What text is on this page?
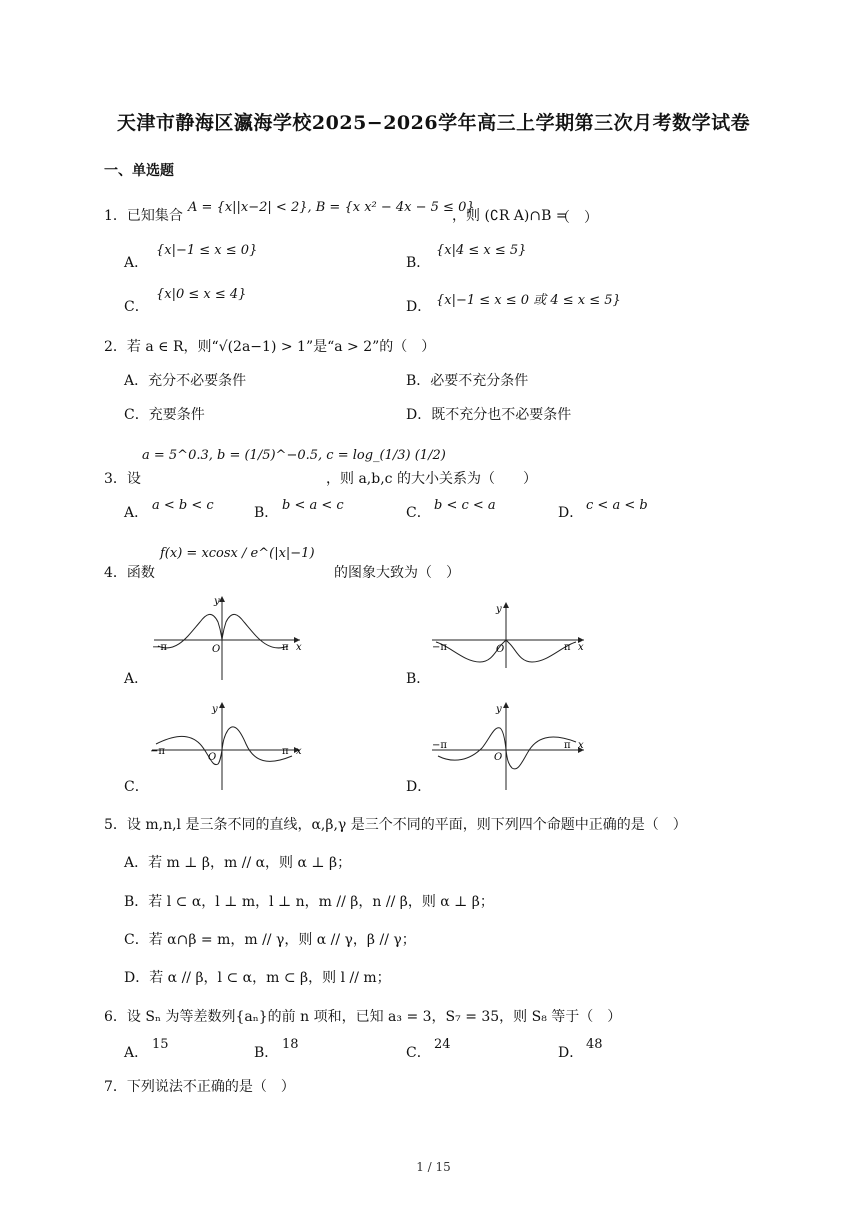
天津市静海区瀛海学校2025−2026学年高三上学期第三次月考数学试卷
一、单选题
1．已知集合
A = {x||x−2| < 2}, B = {x x² − 4x − 5 ≤ 0}
，则 (∁R A)∩B =
（　）
A．
{x|−1 ≤ x ≤ 0}
B．
{x|4 ≤ x ≤ 5}
C．
{x|0 ≤ x ≤ 4}
D． {x|−1 ≤ x ≤ 0 或 4 ≤ x ≤ 5}
2．若 a ∈ R，则“√(2a−1) > 1”是“a > 2”的（　）
A．充分不必要条件	B．必要不充分条件
C．充要条件	D．既不充分也不必要条件
3．设
a = 5^0.3, b = (1/5)^−0.5, c = log_(1/3) (1/2)
，则 a,b,c 的大小关系为（　　）
A． a < b < c	B． b < a < c	C． b < c < a	D． c < a < b
4．函数
f(x) = xcosx / e^(|x|−1)
的图象大致为（　）
A．	B．
C．	D．
−π	π x
y
O	−π	π x
y
O
−π	π x
y
O
−π	π x
y
O
5．设 m,n,l 是三条不同的直线，α,β,γ 是三个不同的平面，则下列四个命题中正确的是（　）
A．若 m ⊥ β，m // α，则 α ⊥ β；
B．若 l ⊂ α，l ⊥ m，l ⊥ n，m // β，n // β，则 α ⊥ β；
C．若 α∩β = m，m // γ，则 α // γ，β // γ；
D．若 α // β，l ⊂ α，m ⊂ β，则 l // m；
6．设 Sₙ 为等差数列{aₙ}的前 n 项和，已知 a₃ = 3，S₇ = 35，则 S₈ 等于（　）
A．
15
B．
18
C．
24
D．
48
7．下列说法不正确的是（　）
1 / 15
